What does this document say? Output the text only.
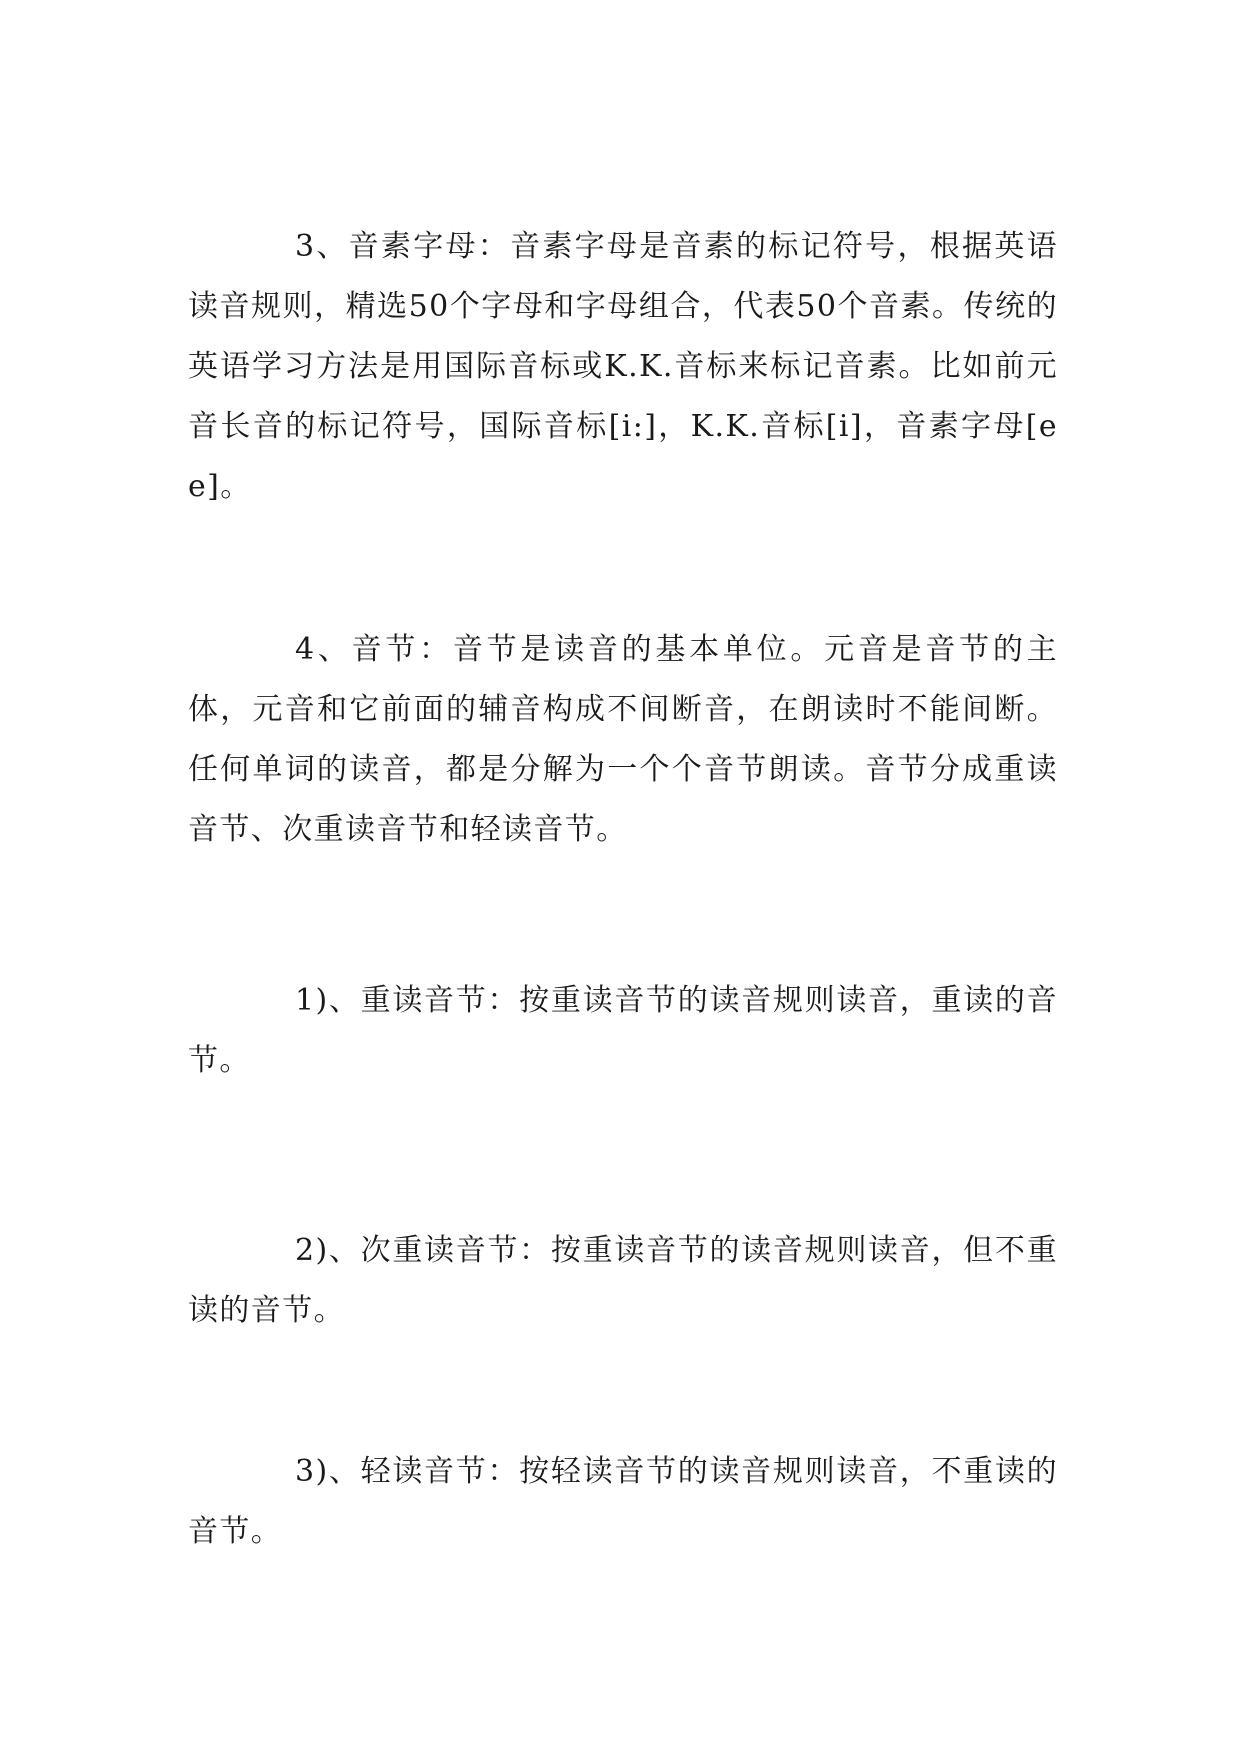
3、音素字母：音素字母是音素的标记符号，根据英语读音规则，精选50个字母和字母组合，代表50个音素。传统的英语学习方法是用国际音标或K.K.音标来标记音素。比如前元音长音的标记符号，国际音标[i:]，K.K.音标[i]，音素字母[ee]。

4、音节：音节是读音的基本单位。元音是音节的主体，元音和它前面的辅音构成不间断音，在朗读时不能间断。任何单词的读音，都是分解为一个个音节朗读。音节分成重读音节、次重读音节和轻读音节。

1)、重读音节：按重读音节的读音规则读音，重读的音节。

2)、次重读音节：按重读音节的读音规则读音，但不重读的音节。

3)、轻读音节：按轻读音节的读音规则读音，不重读的音节。
